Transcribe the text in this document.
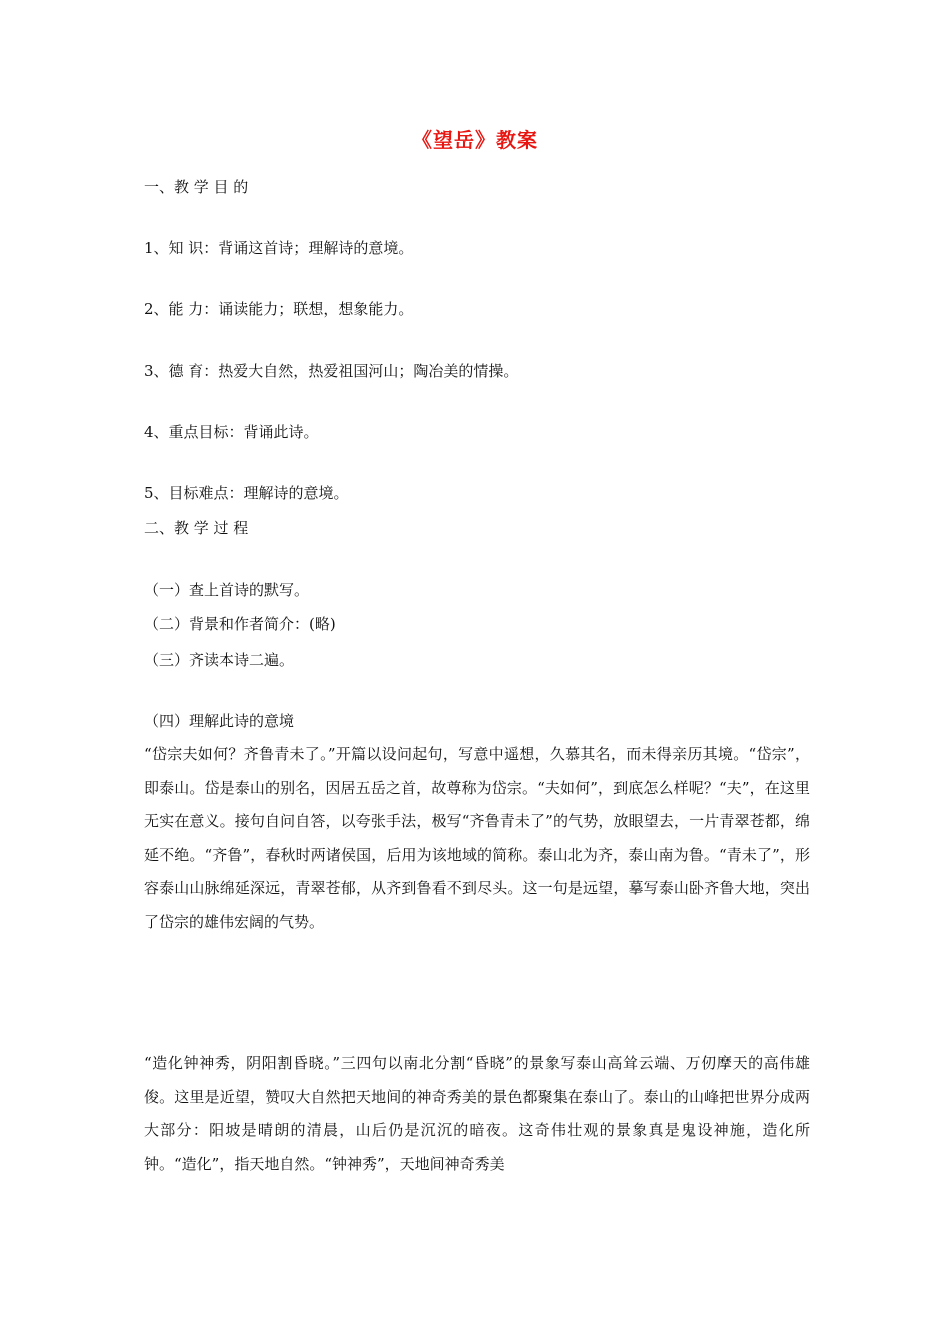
《望岳》教案
一、教 学 目 的
1、知 识：背诵这首诗；理解诗的意境。
2、能 力：诵读能力；联想，想象能力。
3、德 育：热爱大自然，热爱祖国河山；陶冶美的情操。
4、重点目标：背诵此诗。
5、目标难点：理解诗的意境。
二、教 学 过 程
（一）查上首诗的默写。
（二）背景和作者简介：(略)
（三）齐读本诗二遍。
（四）理解此诗的意境

“岱宗夫如何？齐鲁青未了。”开篇以设问起句，写意中遥想，久慕其名，而未得亲历其境。“岱宗”，即泰山。岱是泰山的别名，因居五岳之首，故尊称为岱宗。“夫如何”，到底怎么样呢？“夫”，在这里无实在意义。接句自问自答，以夸张手法，极写“齐鲁青未了”的气势，放眼望去，一片青翠苍都，绵延不绝。“齐鲁”，春秋时两诸侯国，后用为该地域的简称。泰山北为齐，泰山南为鲁。“青未了”，形容泰山山脉绵延深远，青翠苍郁，从齐到鲁看不到尽头。这一句是远望，摹写泰山卧齐鲁大地，突出了岱宗的雄伟宏阔的气势。

“造化钟神秀，阴阳割昏晓。”三四句以南北分割“昏晓”的景象写泰山高耸云端、万仞摩天的高伟雄俊。这里是近望，赞叹大自然把天地间的神奇秀美的景色都聚集在泰山了。泰山的山峰把世界分成两大部分：阳坡是晴朗的清晨，山后仍是沉沉的暗夜。这奇伟壮观的景象真是鬼设神施，造化所钟。“造化”，指天地自然。“钟神秀”，天地间神奇秀美
